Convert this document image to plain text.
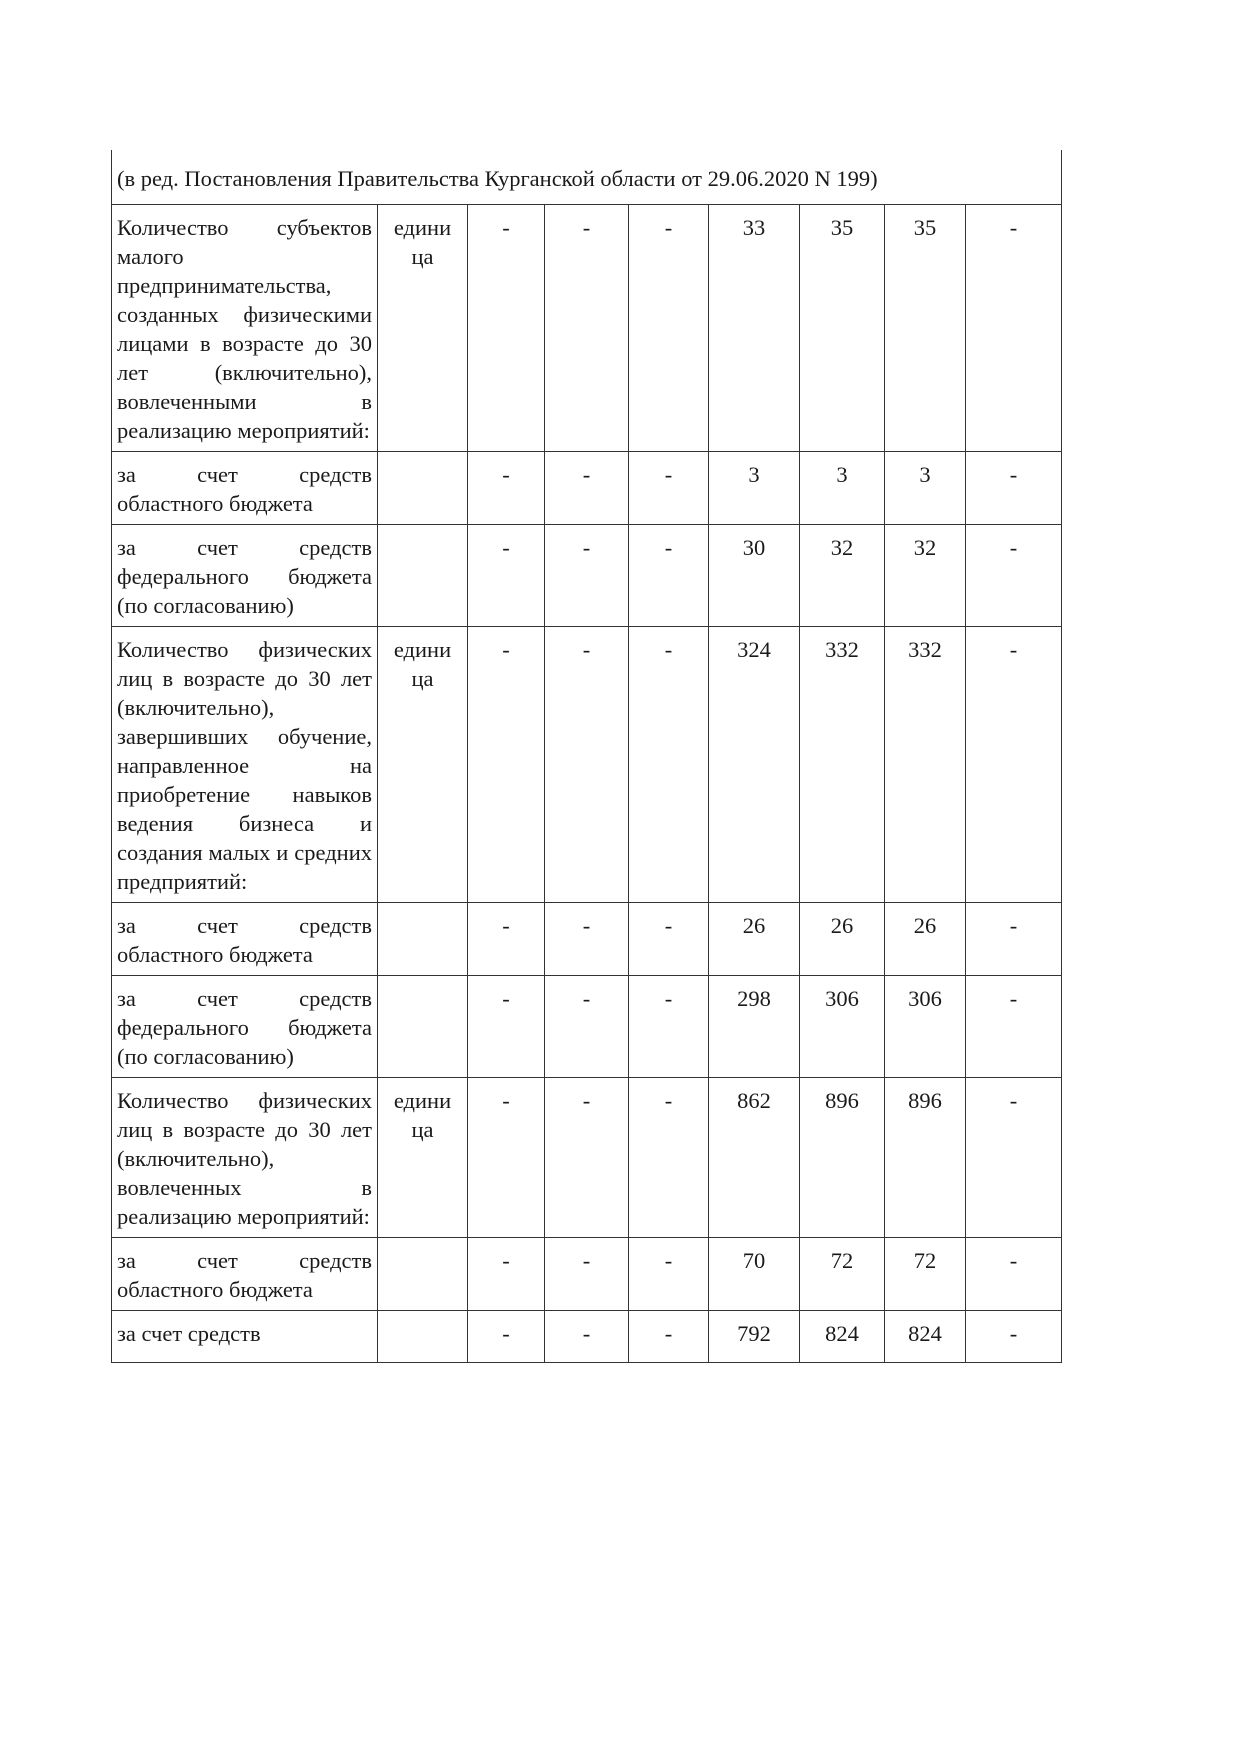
(в ред. Постановления Правительства Курганской области от 29.06.2020 N 199)								
Количество субъектов малого предпринимательства, созданных физическими лицами в возрасте до 30 лет (включительно), вовлеченными в реализацию мероприятий:	едини ца	-	-	-	33	35	35	-
за счет средств областного бюджета		-	-	-	3	3	3	-
за счет средств федерального бюджета (по согласованию)		-	-	-	30	32	32	-
Количество физических лиц в возрасте до 30 лет (включительно), завершивших обучение, направленное на приобретение навыков ведения бизнеса и создания малых и средних предприятий:	едини ца	-	-	-	324	332	332	-
за счет средств областного бюджета		-	-	-	26	26	26	-
за счет средств федерального бюджета (по согласованию)		-	-	-	298	306	306	-
Количество физических лиц в возрасте до 30 лет (включительно), вовлеченных в реализацию мероприятий:	едини ца	-	-	-	862	896	896	-
за счет средств областного бюджета		-	-	-	70	72	72	-
за счет средств		-	-	-	792	824	824	-
